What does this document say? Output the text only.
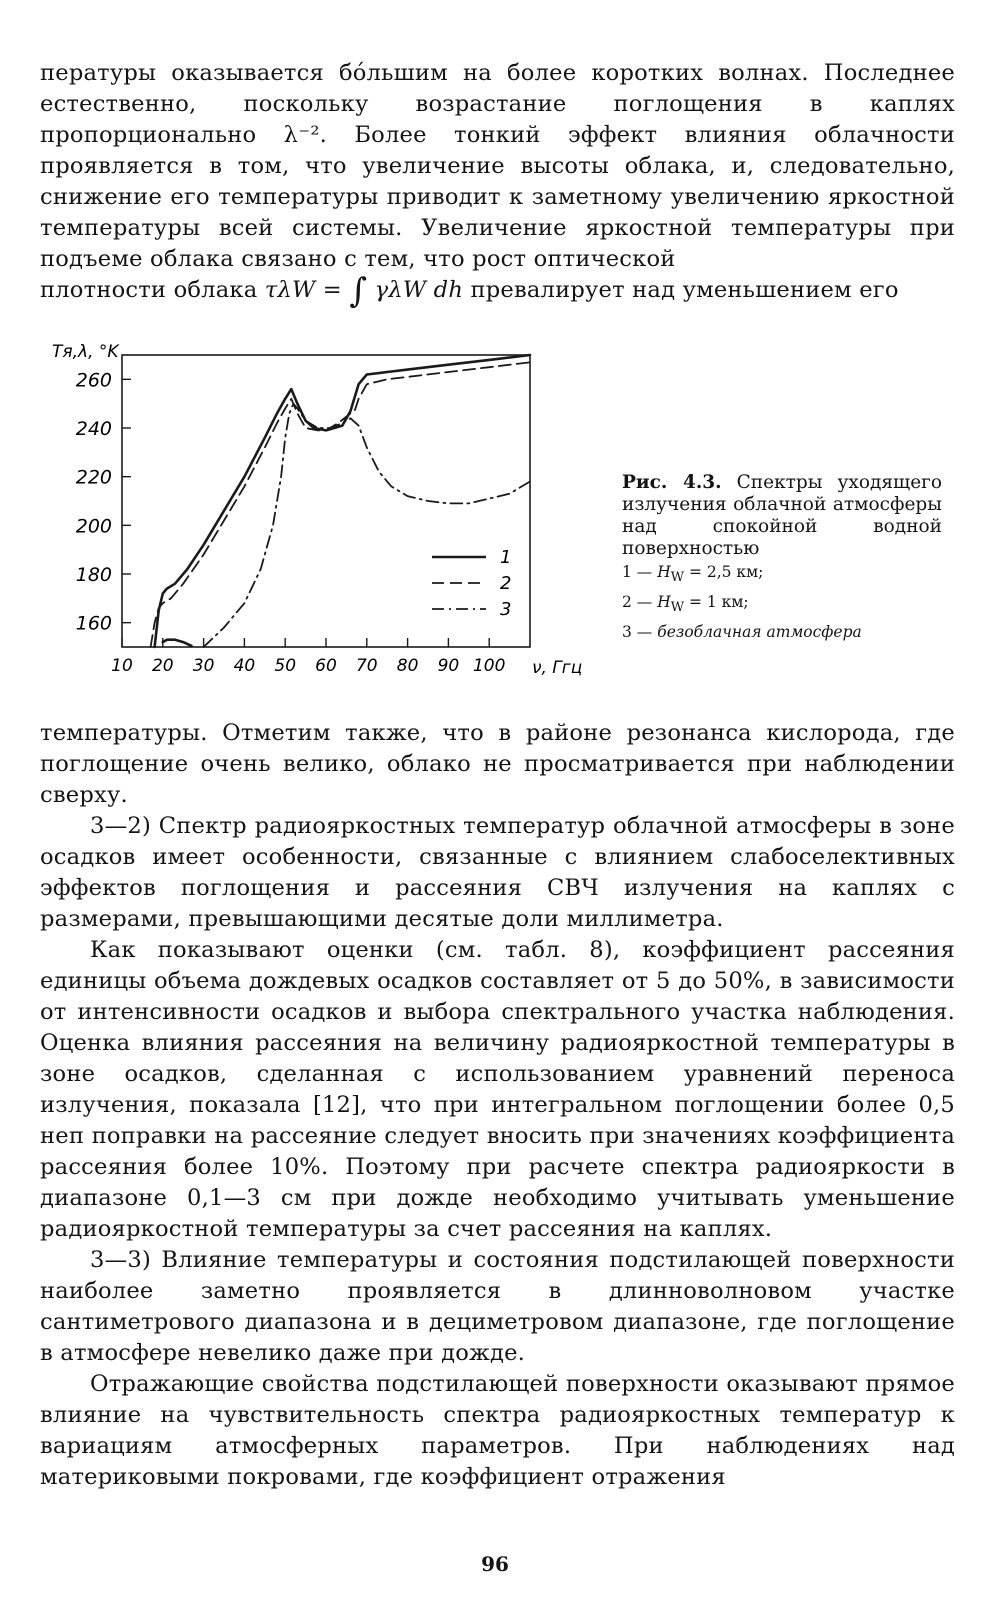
пературы оказывается бо́льшим на более коротких волнах. Последнее естественно, поскольку возрастание поглощения в каплях пропорционально λ⁻². Более тонкий эффект влияния облачности проявляется в том, что увеличение высоты облака, и, следовательно, снижение его температуры приводит к заметному увеличению яркостной температуры всей системы. Увеличение яркостной температуры при подъеме облака связано с тем, что рост оптической

плотности облака τλW = ∫ γλW dh превалирует над уменьшением его

10 20 30 40 50 60 70 80 90 100
160
180
200
220
240
260
1
2
3
Tя,λ, °K
ν, Ггц
Рис. 4.3. Спектры уходящего излучения облачной атмосферы над спокойной водной поверхностью
1 — $H_W = 2,5$ км;
2 — $H_W = 1$ км;
3 — безоблачная атмосфера

температуры. Отметим также, что в районе резонанса кислорода, где поглощение очень велико, облако не просматривается при наблюдении сверху.

3—2) Спектр радиояркостных температур облачной атмосферы в зоне осадков имеет особенности, связанные с влиянием слабоселективных эффектов поглощения и рассеяния СВЧ излучения на каплях с размерами, превышающими десятые доли миллиметра.

Как показывают оценки (см. табл. 8), коэффициент рассеяния единицы объема дождевых осадков составляет от 5 до 50%, в зависимости от интенсивности осадков и выбора спектрального участка наблюдения. Оценка влияния рассеяния на величину радиояркостной температуры в зоне осадков, сделанная с использованием уравнений переноса излучения, показала [12], что при интегральном поглощении более 0,5 неп поправки на рассеяние следует вносить при значениях коэффициента рассеяния более 10%. Поэтому при расчете спектра радиояркости в диапазоне 0,1—3 см при дожде необходимо учитывать уменьшение радиояркостной температуры за счет рассеяния на каплях.

3—3) Влияние температуры и состояния подстилающей поверхности наиболее заметно проявляется в длинноволновом участке сантиметрового диапазона и в дециметровом диапазоне, где поглощение в атмосфере невелико даже при дожде.

Отражающие свойства подстилающей поверхности оказывают прямое влияние на чувствительность спектра радиояркостных температур к вариациям атмосферных параметров. При наблюдениях над материковыми покровами, где коэффициент отражения

96
